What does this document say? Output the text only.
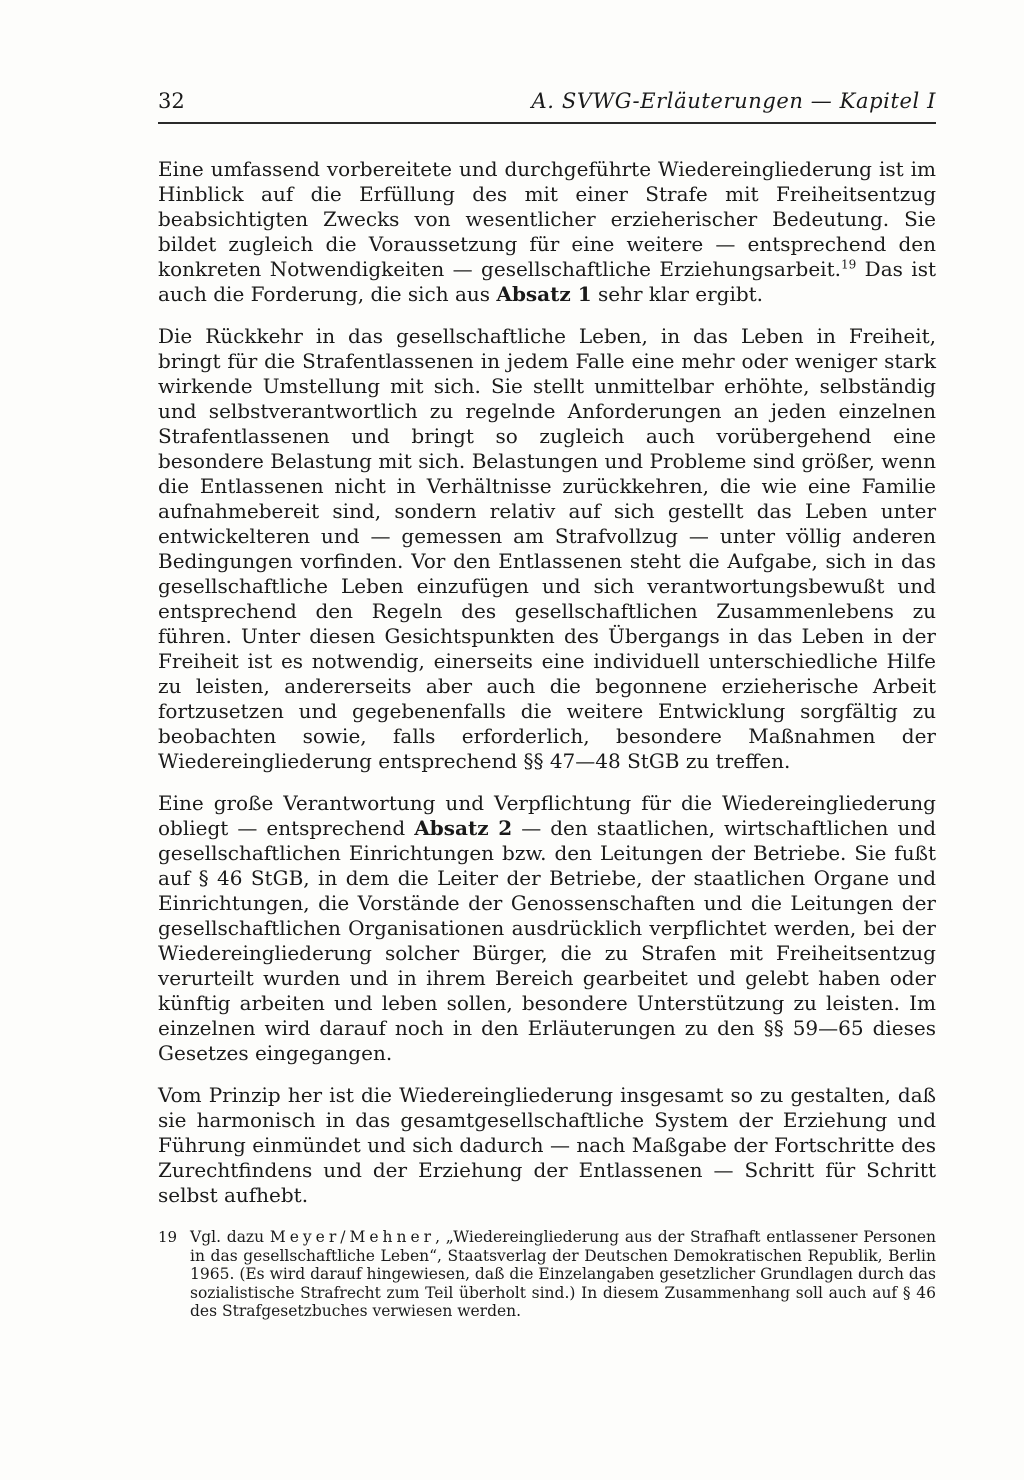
32	A. SVWG-Erläuterungen — Kapitel I

Eine umfassend vorbereitete und durchgeführte Wiedereingliederung ist im Hinblick auf die Erfüllung des mit einer Strafe mit Freiheitsentzug beabsichtigten Zwecks von wesentlicher erzieherischer Bedeutung. Sie bildet zugleich die Voraussetzung für eine weitere — entsprechend den konkreten Notwendigkeiten — gesellschaftliche Erziehungsarbeit.$^{19}$ Das ist auch die Forderung, die sich aus Absatz 1 sehr klar ergibt.

Die Rückkehr in das gesellschaftliche Leben, in das Leben in Freiheit, bringt für die Strafentlassenen in jedem Falle eine mehr oder weniger stark wirkende Umstellung mit sich. Sie stellt unmittelbar erhöhte, selbständig und selbstverantwortlich zu regelnde Anforderungen an jeden einzelnen Strafentlassenen und bringt so zugleich auch vorübergehend eine besondere Belastung mit sich. Belastungen und Probleme sind größer, wenn die Entlassenen nicht in Verhältnisse zurückkehren, die wie eine Familie aufnahmebereit sind, sondern relativ auf sich gestellt das Leben unter entwickelteren und — gemessen am Strafvollzug — unter völlig anderen Bedingungen vorfinden. Vor den Entlassenen steht die Aufgabe, sich in das gesellschaftliche Leben einzufügen und sich verantwortungsbewußt und entsprechend den Regeln des gesellschaftlichen Zusammenlebens zu führen. Unter diesen Gesichtspunkten des Übergangs in das Leben in der Freiheit ist es notwendig, einerseits eine individuell unterschiedliche Hilfe zu leisten, andererseits aber auch die begonnene erzieherische Arbeit fortzusetzen und gegebenenfalls die weitere Entwicklung sorgfältig zu beobachten sowie, falls erforderlich, besondere Maßnahmen der Wiedereingliederung entsprechend §§ 47—48 StGB zu treffen.

Eine große Verantwortung und Verpflichtung für die Wiedereingliederung obliegt — entsprechend Absatz 2 — den staatlichen, wirtschaftlichen und gesellschaftlichen Einrichtungen bzw. den Leitungen der Betriebe. Sie fußt auf § 46 StGB, in dem die Leiter der Betriebe, der staatlichen Organe und Einrichtungen, die Vorstände der Genossenschaften und die Leitungen der gesellschaftlichen Organisationen ausdrücklich verpflichtet werden, bei der Wiedereingliederung solcher Bürger, die zu Strafen mit Freiheitsentzug verurteilt wurden und in ihrem Bereich gearbeitet und gelebt haben oder künftig arbeiten und leben sollen, besondere Unterstützung zu leisten. Im einzelnen wird darauf noch in den Erläuterungen zu den §§ 59—65 dieses Gesetzes eingegangen.

Vom Prinzip her ist die Wiedereingliederung insgesamt so zu gestalten, daß sie harmonisch in das gesamtgesellschaftliche System der Erziehung und Führung einmündet und sich dadurch — nach Maßgabe der Fortschritte des Zurechtfindens und der Erziehung der Entlassenen — Schritt für Schritt selbst aufhebt.

19 Vgl. dazu Meyer/Mehner, „Wiedereingliederung aus der Strafhaft entlassener Personen in das gesellschaftliche Leben“, Staatsverlag der Deutschen Demokratischen Republik, Berlin 1965. (Es wird darauf hingewiesen, daß die Einzelangaben gesetzlicher Grundlagen durch das sozialistische Strafrecht zum Teil überholt sind.) In diesem Zusammenhang soll auch auf § 46 des Strafgesetzbuches verwiesen werden.
